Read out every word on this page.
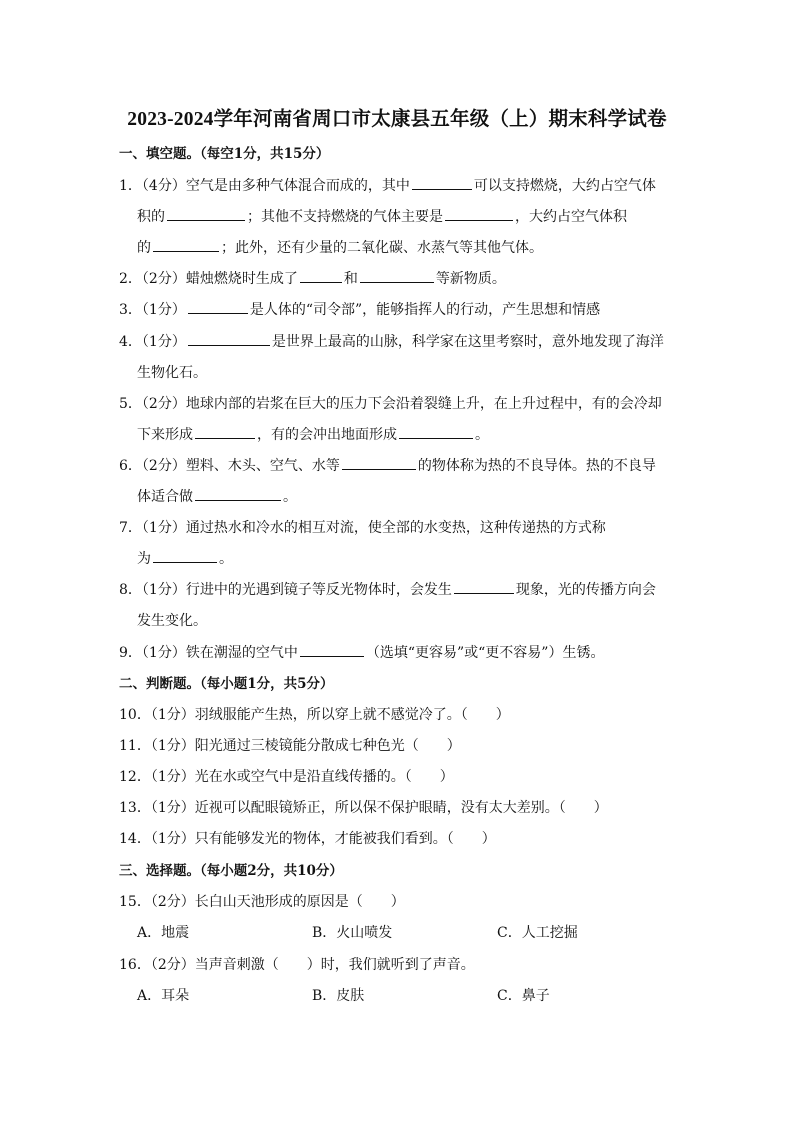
2023-2024学年河南省周口市太康县五年级（上）期末科学试卷
一、填空题。（每空1分，共15分）
1．（4分）空气是由多种气体混合而成的，其中	可以支持燃烧，大约占空气体
积的	；其他不支持燃烧的气体主要是	，大约占空气体积
的	；此外，还有少量的二氧化碳、水蒸气等其他气体。
2．（2分）蜡烛燃烧时生成了	和	等新物质。
3．（1分）	是人体的“司令部”，能够指挥人的行动，产生思想和情感
4．（1分）	是世界上最高的山脉，科学家在这里考察时，意外地发现了海洋
生物化石。
5．（2分）地球内部的岩浆在巨大的压力下会沿着裂缝上升，在上升过程中，有的会冷却
下来形成	，有的会冲出地面形成	。
6．（2分）塑料、木头、空气、水等	的物体称为热的不良导体。热的不良导
体适合做	。
7．（1分）通过热水和冷水的相互对流，使全部的水变热，这种传递热的方式称
为	。
8．（1分）行进中的光遇到镜子等反光物体时，会发生	现象，光的传播方向会
发生变化。
9．（1分）铁在潮湿的空气中	（选填“更容易”或“更不容易”）生锈。
二、判断题。（每小题1分，共5分）
10．（1分）羽绒服能产生热，所以穿上就不感觉冷了。（　　）
11．（1分）阳光通过三棱镜能分散成七种色光（　　）
12．（1分）光在水或空气中是沿直线传播的。（　　）
13．（1分）近视可以配眼镜矫正，所以保不保护眼睛，没有太大差别。（　　）
14．（1分）只有能够发光的物体，才能被我们看到。（　　）
三、选择题。（每小题2分，共10分）
15．（2分）长白山天池形成的原因是（　　）
A．地震	B．火山喷发	C．人工挖掘
16．（2分）当声音刺激（　　）时，我们就听到了声音。
A．耳朵	B．皮肤	C．鼻子
